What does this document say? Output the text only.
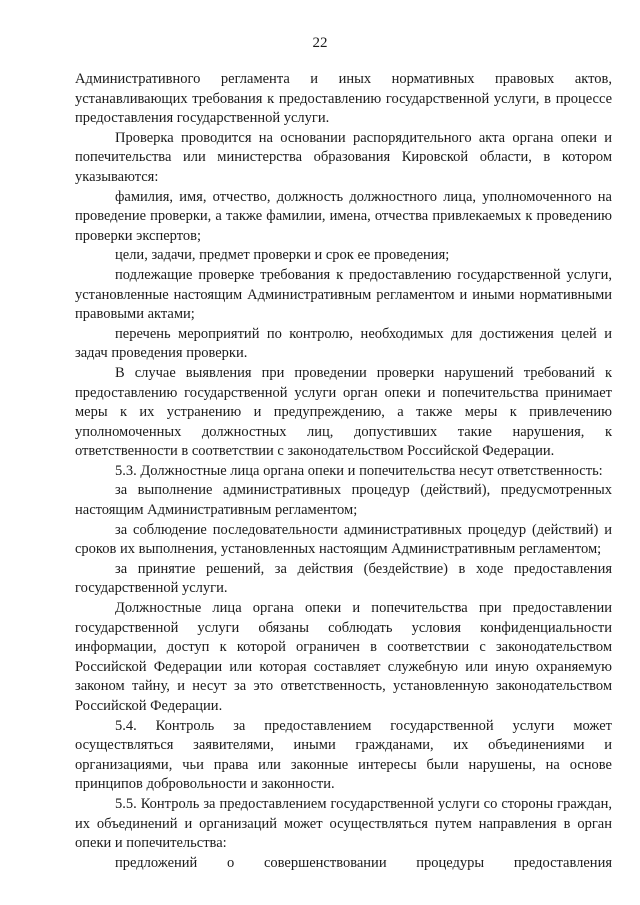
22

Административного регламента и иных нормативных правовых актов, устанавливающих требования к предоставлению государственной услуги, в процессе предоставления государственной услуги.

Проверка проводится на основании распорядительного акта органа опеки и попечительства или министерства образования Кировской области, в котором указываются:

фамилия, имя, отчество, должность должностного лица, уполномоченного на проведение проверки, а также фамилии, имена, отчества привлекаемых к проведению проверки экспертов;

цели, задачи, предмет проверки и срок ее проведения;

подлежащие проверке требования к предоставлению государственной услуги, установленные настоящим Административным регламентом и иными нормативными правовыми актами;

перечень мероприятий по контролю, необходимых для достижения целей и задач проведения проверки.

В случае выявления при проведении проверки нарушений требований к предоставлению государственной услуги орган опеки и попечительства принимает меры к их устранению и предупреждению, а также меры к привлечению уполномоченных должностных лиц, допустивших такие нарушения, к ответственности в соответствии с законодательством Российской Федерации.

5.3. Должностные лица органа опеки и попечительства несут ответственность:

за выполнение административных процедур (действий), предусмотренных настоящим Административным регламентом;

за соблюдение последовательности административных процедур (действий) и сроков их выполнения, установленных настоящим Административным регламентом;

за принятие решений, за действия (бездействие) в ходе предоставления государственной услуги.

Должностные лица органа опеки и попечительства при предоставлении государственной услуги обязаны соблюдать условия конфиденциальности информации, доступ к которой ограничен в соответствии с законодательством Российской Федерации или которая составляет служебную или иную охраняемую законом тайну, и несут за это ответственность, установленную законодательством Российской Федерации.

5.4. Контроль за предоставлением государственной услуги может осуществляться заявителями, иными гражданами, их объединениями и организациями, чьи права или законные интересы были нарушены, на основе принципов добровольности и законности.

5.5. Контроль за предоставлением государственной услуги со стороны граждан, их объединений и организаций может осуществляться путем направления в орган опеки и попечительства:

предложений о совершенствовании процедуры предоставления
